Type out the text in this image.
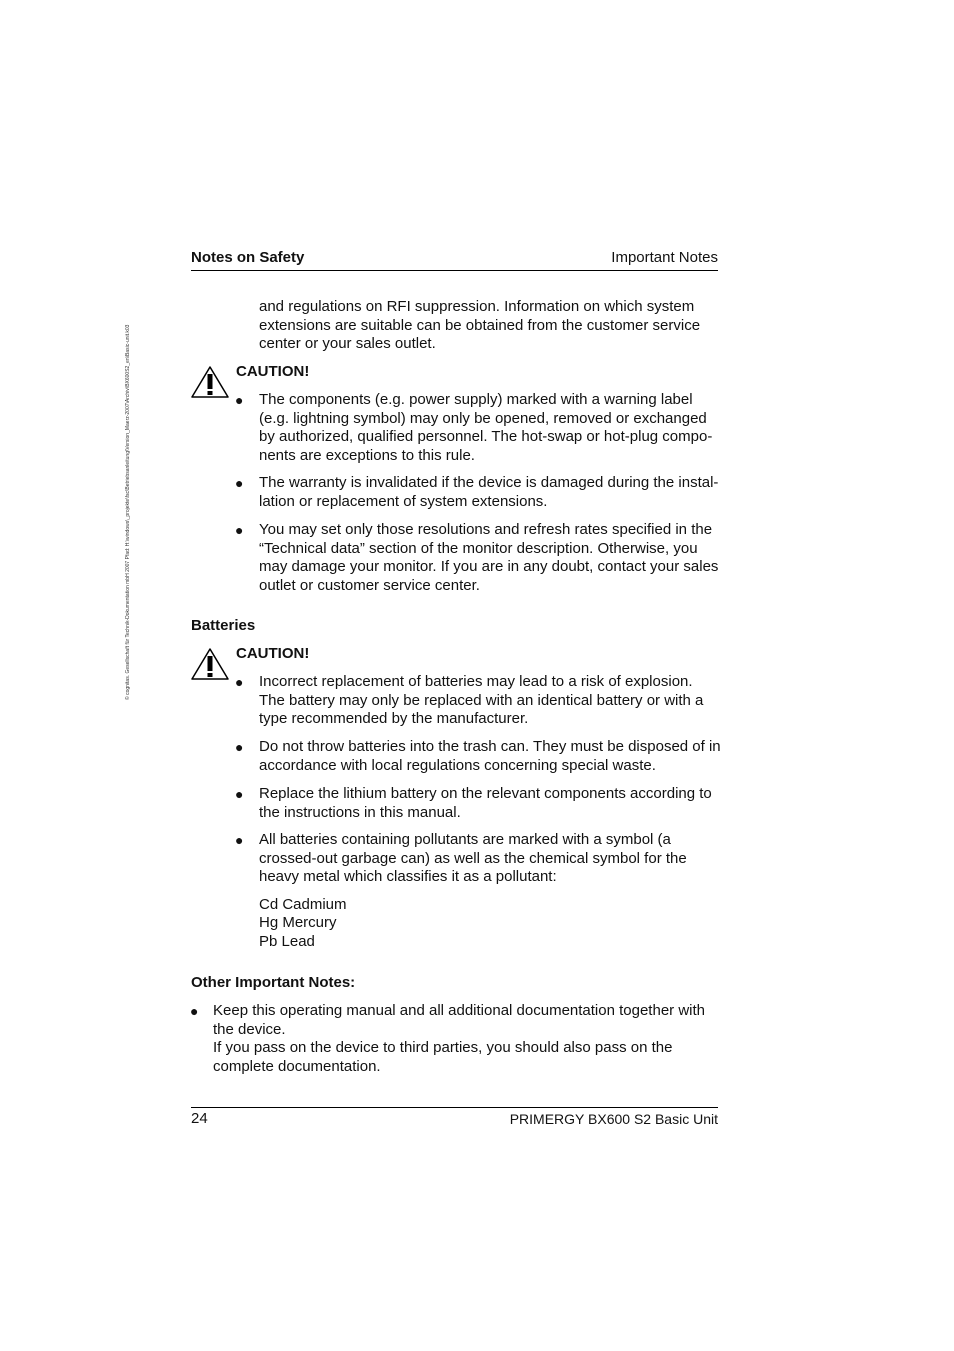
© cognitas. Gesellschaft für Technik-Dokumentation mbH 2007 Pfad: H:\windows\_projekte\fsc\Betriebsanleitung\Version_Maerz-2007\Archiv\BX600S2_en\Basic-unit.k03
Notes on Safety	Important Notes
and regulations on RFI suppression. Information on which system extensions are suitable can be obtained from the customer service center or your sales outlet.
CAUTION!
●	The components (e.g. power supply) marked with a warning label (e.g. lightning symbol) may only be opened, removed or exchanged by authorized, qualified personnel. The hot-swap or hot-plug compo-nents are exceptions to this rule.
●	The warranty is invalidated if the device is damaged during the instal-lation or replacement of system extensions.
●	You may set only those resolutions and refresh rates specified in the “Technical data” section of the monitor description. Otherwise, you may damage your monitor. If you are in any doubt, contact your sales outlet or customer service center.
Batteries
CAUTION!
●	Incorrect replacement of batteries may lead to a risk of explosion. The battery may only be replaced with an identical battery or with a type recommended by the manufacturer.
●	Do not throw batteries into the trash can. They must be disposed of in accordance with local regulations concerning special waste.
●	Replace the lithium battery on the relevant components according to the instructions in this manual.
●	All batteries containing pollutants are marked with a symbol (a crossed-out garbage can) as well as the chemical symbol for the heavy metal which classifies it as a pollutant:
Cd Cadmium
Hg Mercury
Pb Lead
Other Important Notes:
● Keep this operating manual and all additional documentation together with the device.
If you pass on the device to third parties, you should also pass on the complete documentation.
24	PRIMERGY BX600 S2 Basic Unit
